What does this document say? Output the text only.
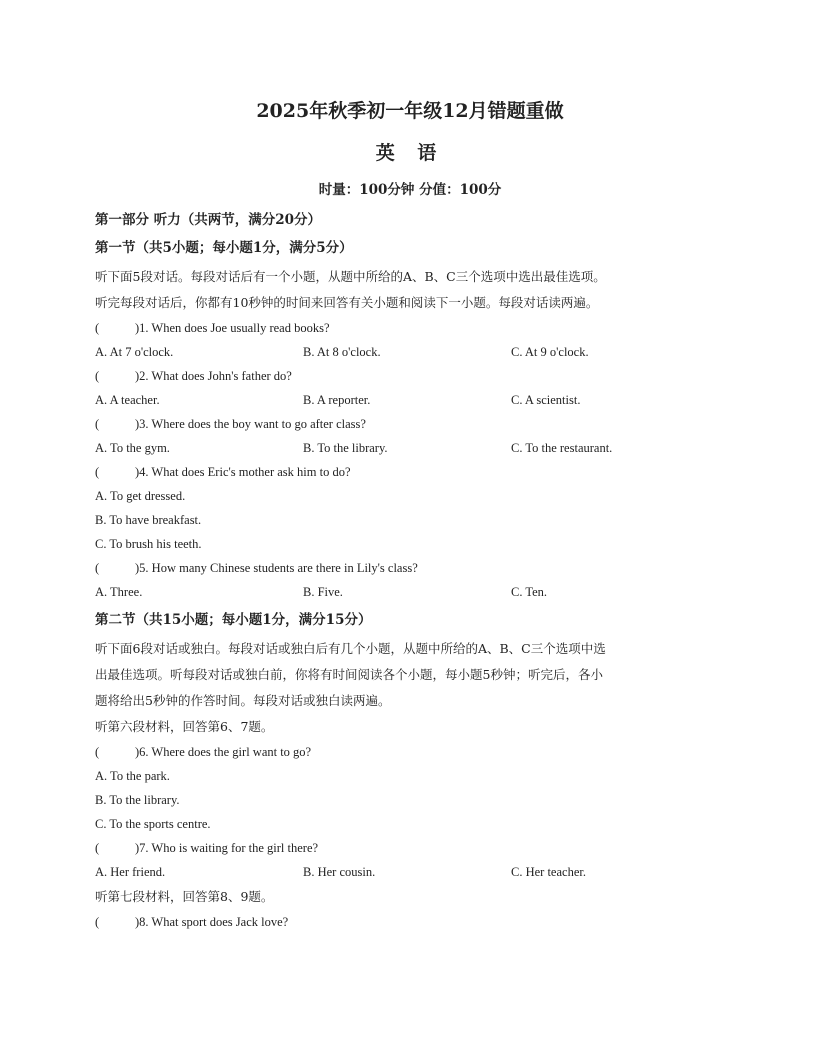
2025年秋季初一年级12月错题重做
英 语
时量：100分钟 分值：100分
第一部分 听力（共两节，满分20分）
第一节（共5小题；每小题1分，满分5分）
听下面5段对话。每段对话后有一个小题，从题中所给的A、B、C三个选项中选出最佳选项。
听完每段对话后，你都有10秒钟的时间来回答有关小题和阅读下一小题。每段对话读两遍。
(	)1. When does Joe usually read books?
A. At 7 o'clock.	B. At 8 o'clock.	C. At 9 o'clock.
(	)2. What does John's father do?
A. A teacher.	B. A reporter.	C. A scientist.
(	)3. Where does the boy want to go after class?
A. To the gym.	B. To the library.	C. To the restaurant.
(	)4. What does Eric's mother ask him to do?
A. To get dressed.
B. To have breakfast.
C. To brush his teeth.
(	)5. How many Chinese students are there in Lily's class?
A. Three.	B. Five.	C. Ten.
第二节（共15小题；每小题1分，满分15分）
听下面6段对话或独白。每段对话或独白后有几个小题，从题中所给的A、B、C三个选项中选
出最佳选项。听每段对话或独白前，你将有时间阅读各个小题，每小题5秒钟；听完后，各小
题将给出5秒钟的作答时间。每段对话或独白读两遍。
听第六段材料，回答第6、7题。
(	)6. Where does the girl want to go?
A. To the park.
B. To the library.
C. To the sports centre.
(	)7. Who is waiting for the girl there?
A. Her friend.	B. Her cousin.	C. Her teacher.
听第七段材料，回答第8、9题。
(	)8. What sport does Jack love?
